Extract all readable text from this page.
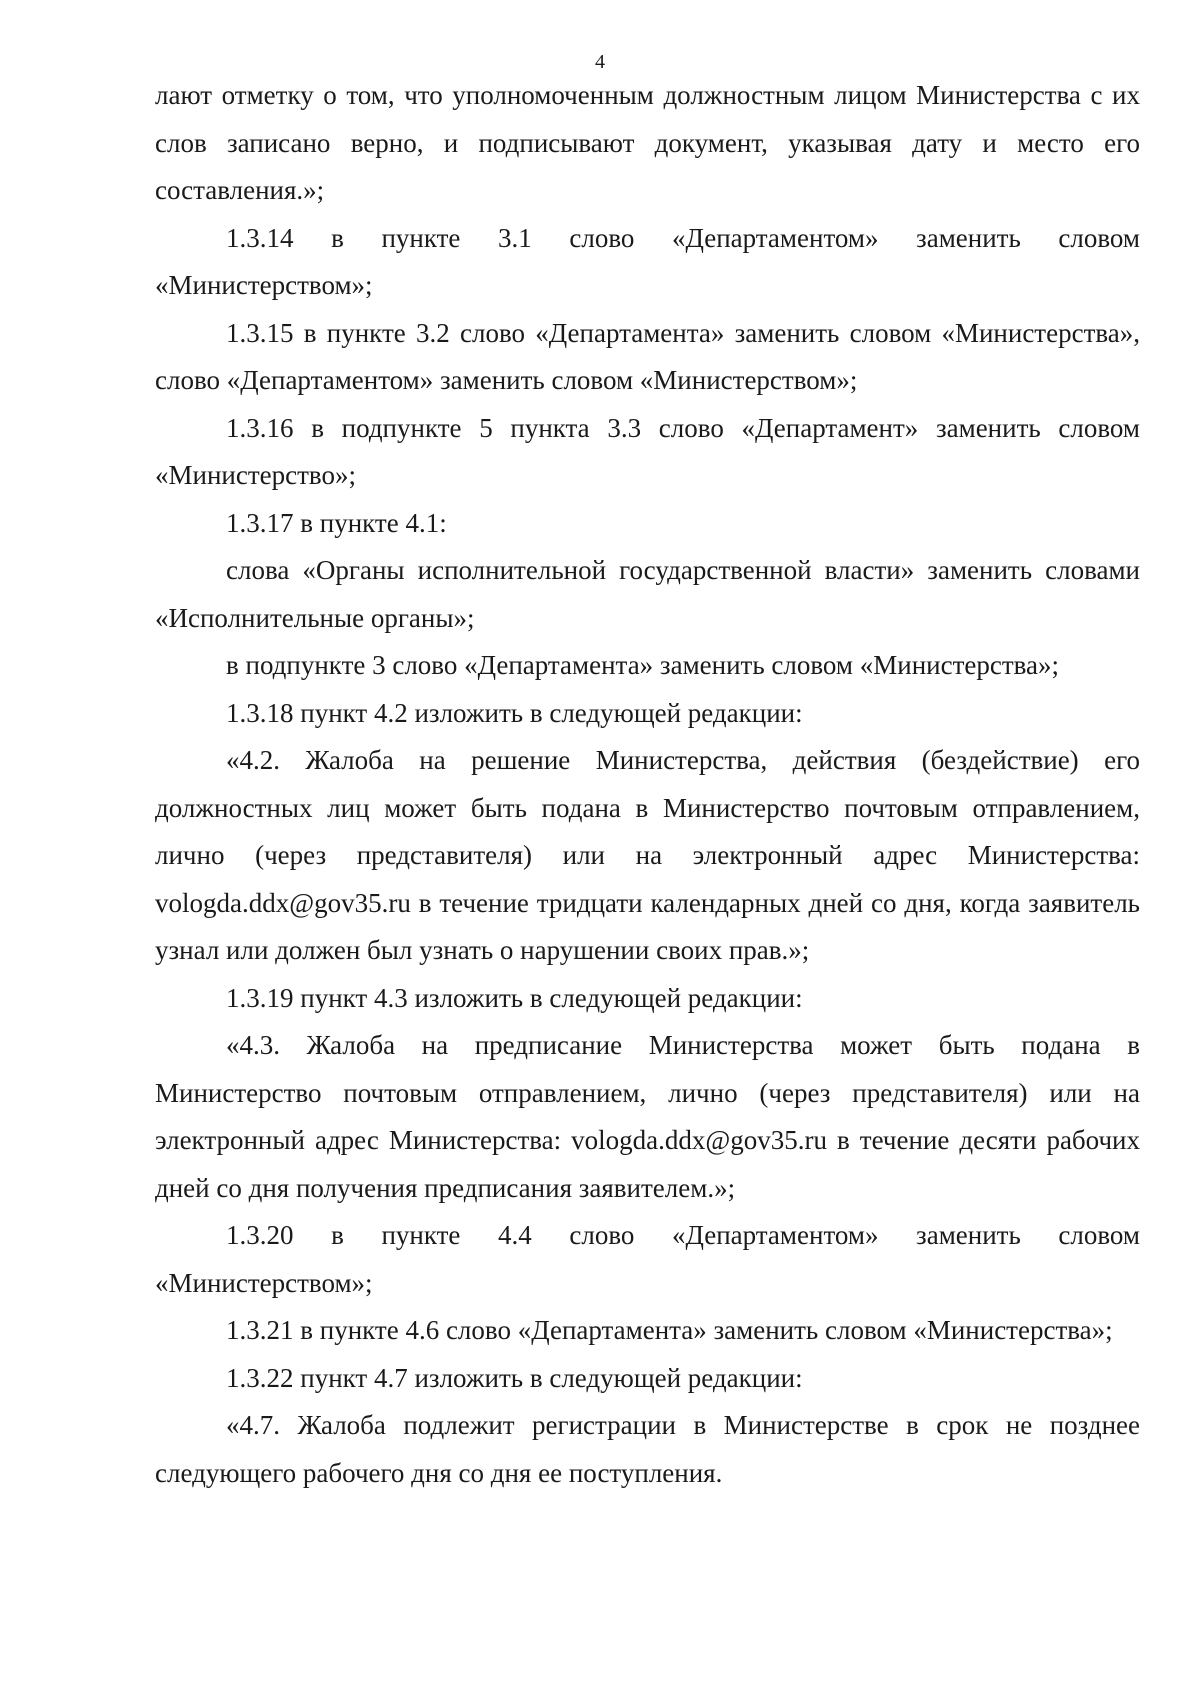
4

лают отметку о том, что уполномоченным должностным лицом Министерства с их слов записано верно, и подписывают документ, указывая дату и место его составления.»;

1.3.14 в пункте 3.1 слово «Департаментом» заменить словом «Министерством»;

1.3.15 в пункте 3.2 слово «Департамента» заменить словом «Министерства», слово «Департаментом» заменить словом «Министерством»;

1.3.16 в подпункте 5 пункта 3.3 слово «Департамент» заменить словом «Министерство»;

1.3.17 в пункте 4.1:

слова «Органы исполнительной государственной власти» заменить словами «Исполнительные органы»;

в подпункте 3 слово «Департамента» заменить словом «Министерства»;

1.3.18 пункт 4.2 изложить в следующей редакции:

«4.2. Жалоба на решение Министерства, действия (бездействие) его должностных лиц может быть подана в Министерство почтовым отправлением, лично (через представителя) или на электронный адрес Министерства: vologda.ddx@gov35.ru в течение тридцати календарных дней со дня, когда заявитель узнал или должен был узнать о нарушении своих прав.»;

1.3.19 пункт 4.3 изложить в следующей редакции:

«4.3. Жалоба на предписание Министерства может быть подана в Министерство почтовым отправлением, лично (через представителя) или на электронный адрес Министерства: vologda.ddx@gov35.ru в течение десяти рабочих дней со дня получения предписания заявителем.»;

1.3.20 в пункте 4.4 слово «Департаментом» заменить словом «Министерством»;

1.3.21 в пункте 4.6 слово «Департамента» заменить словом «Министерства»;

1.3.22 пункт 4.7 изложить в следующей редакции:

«4.7. Жалоба подлежит регистрации в Министерстве в срок не позднее следующего рабочего дня со дня ее поступления.
